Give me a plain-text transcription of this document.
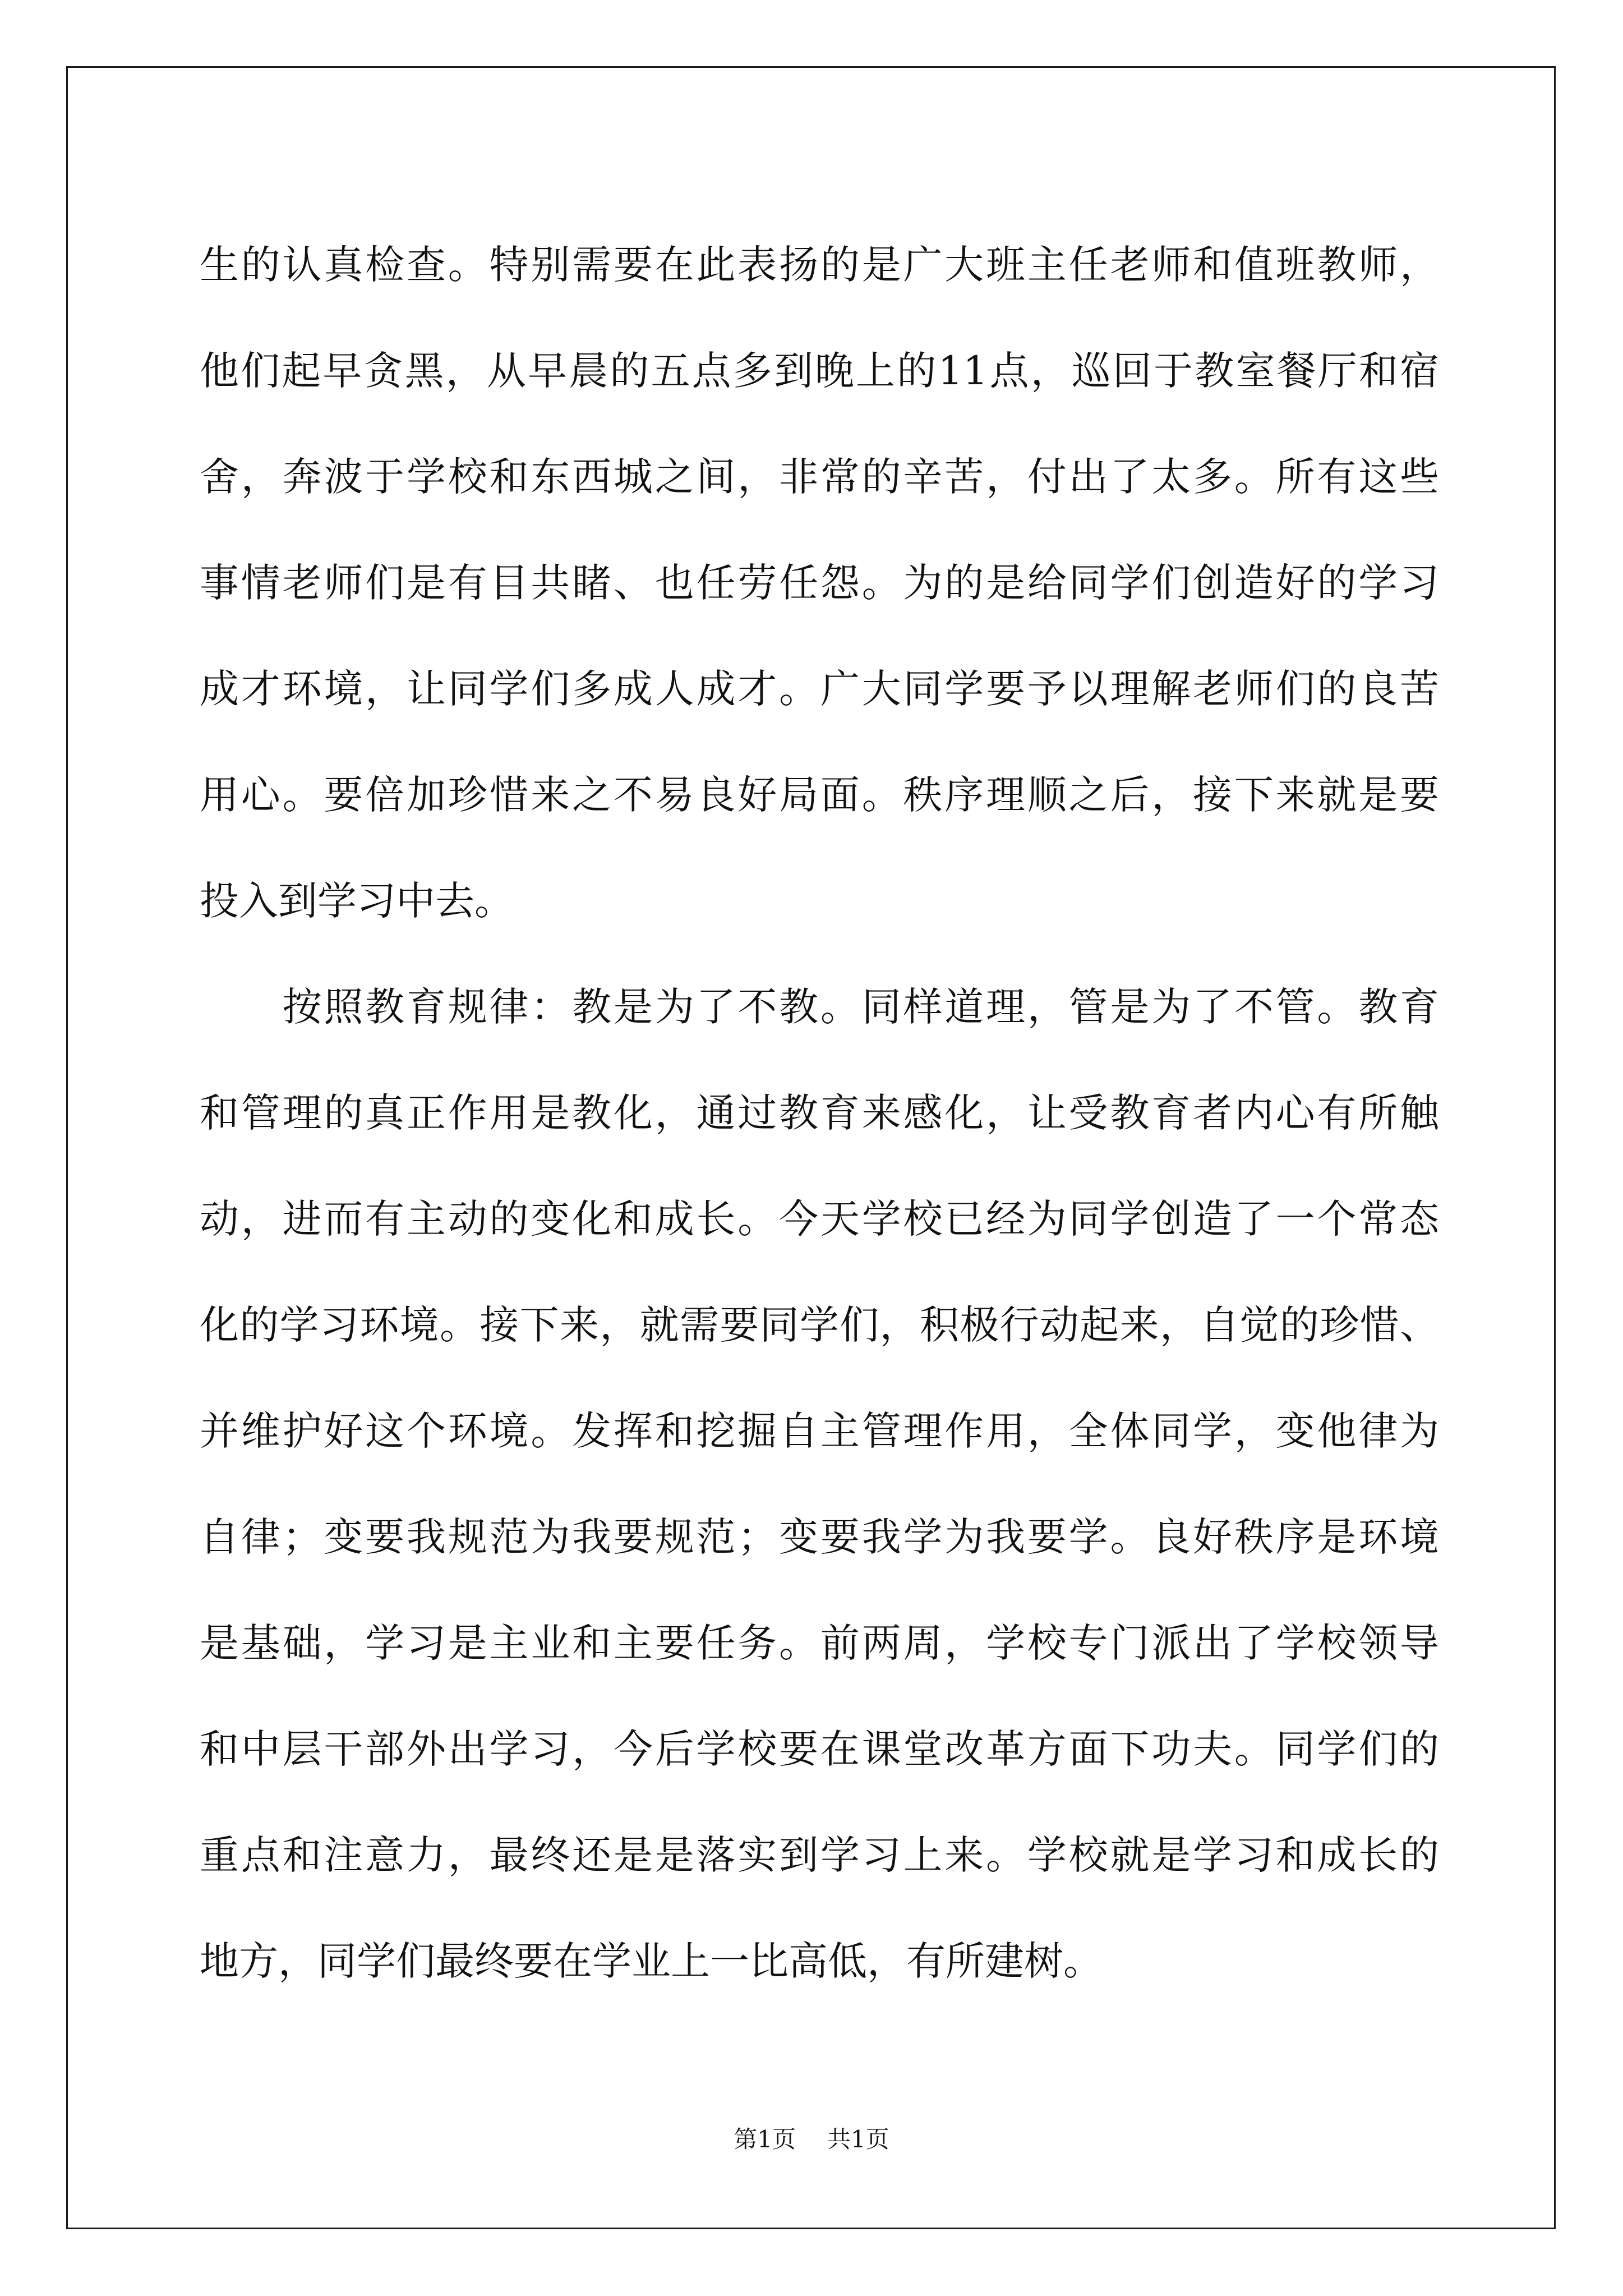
生的认真检查。特别需要在此表扬的是广大班主任老师和值班教师，
他们起早贪黑，从早晨的五点多到晚上的11点，巡回于教室餐厅和宿
舍，奔波于学校和东西城之间，非常的辛苦，付出了太多。所有这些
事情老师们是有目共睹、也任劳任怨。为的是给同学们创造好的学习
成才环境，让同学们多成人成才。广大同学要予以理解老师们的良苦
用心。要倍加珍惜来之不易良好局面。秩序理顺之后，接下来就是要
投入到学习中去。
　　按照教育规律：教是为了不教。同样道理，管是为了不管。教育
和管理的真正作用是教化，通过教育来感化，让受教育者内心有所触
动，进而有主动的变化和成长。今天学校已经为同学创造了一个常态
化的学习环境。接下来，就需要同学们，积极行动起来，自觉的珍惜、
并维护好这个环境。发挥和挖掘自主管理作用，全体同学，变他律为
自律；变要我规范为我要规范；变要我学为我要学。良好秩序是环境
是基础，学习是主业和主要任务。前两周，学校专门派出了学校领导
和中层干部外出学习，今后学校要在课堂改革方面下功夫。同学们的
重点和注意力，最终还是是落实到学习上来。学校就是学习和成长的
地方，同学们最终要在学业上一比高低，有所建树。
第1页 共1页
